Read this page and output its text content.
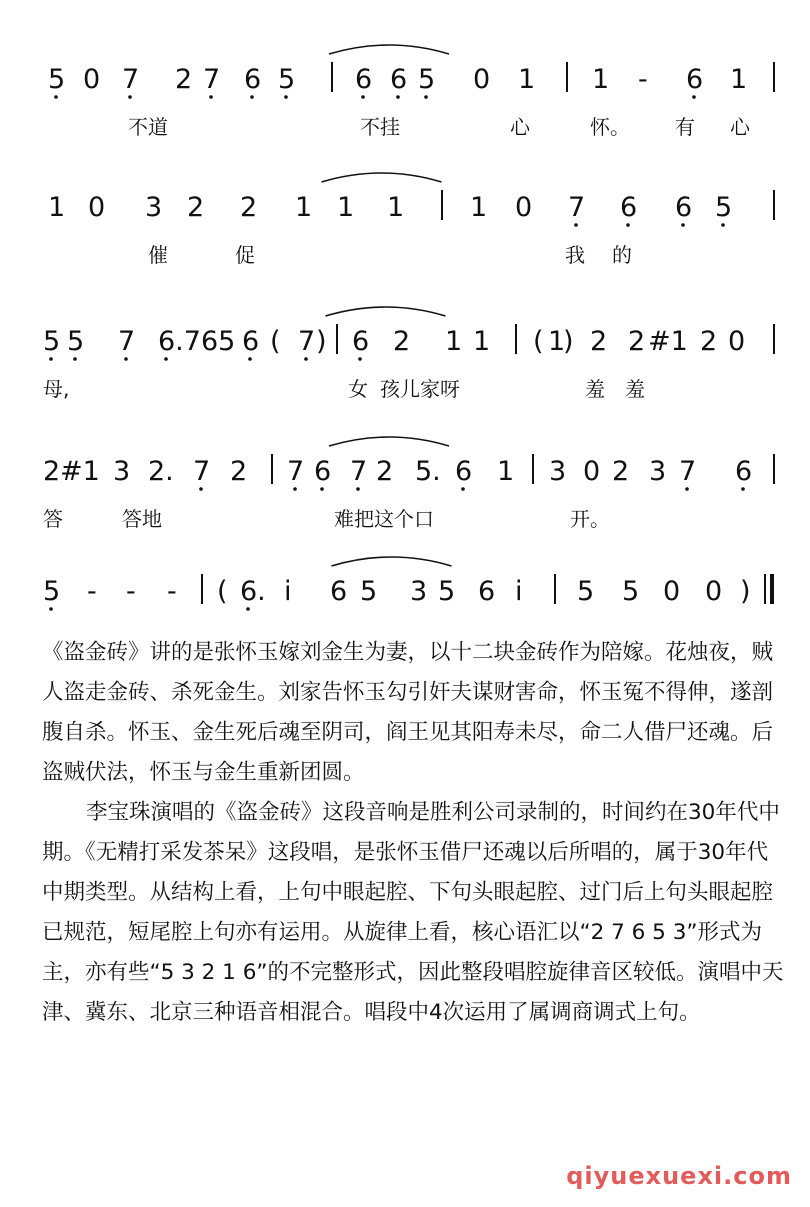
5 0 7 2 7 6 5 6 6 5 0 1 1 - 6 1
不道	不挂	心	怀。 有 心
1 0 3 2 2 1 1 1 1 0 7 6 6 5
催	促	我 的
5 5 7 6.765 6 ( 7 ) 6 2 1 1 ( 1
) 2 2 #1 2 0
母,	女 孩儿家呀	羞 羞
2 #1 3 2. 7 2 7 6 7 2 5. 6 1 3 0 2 3 7 6
答	答地	难把这个口	开。
5 - - - ( 6. i 6 5 3 5 6 i 5 5 0 0 )

《盗金砖》讲的是张怀玉嫁刘金生为妻，以十二块金砖作为陪嫁。花烛夜，贼人盗走金砖、杀死金生。刘家告怀玉勾引奸夫谋财害命，怀玉冤不得伸，遂剖腹自杀。怀玉、金生死后魂至阴司，阎王见其阳寿未尽，命二人借尸还魂。后盗贼伏法，怀玉与金生重新团圆。

李宝珠演唱的《盗金砖》这段音响是胜利公司录制的，时间约在30年代中期。《无精打采发茶呆》这段唱，是张怀玉借尸还魂以后所唱的，属于30年代中期类型。从结构上看，上句中眼起腔、下句头眼起腔、过门后上句头眼起腔已规范，短尾腔上句亦有运用。从旋律上看，核心语汇以“2 7 6 5 3”形式为主，亦有些“5 3 2 1 6”的不完整形式，因此整段唱腔旋律音区较低。演唱中天津、冀东、北京三种语音相混合。唱段中4次运用了属调商调式上句。

qiyuexuexi.com
